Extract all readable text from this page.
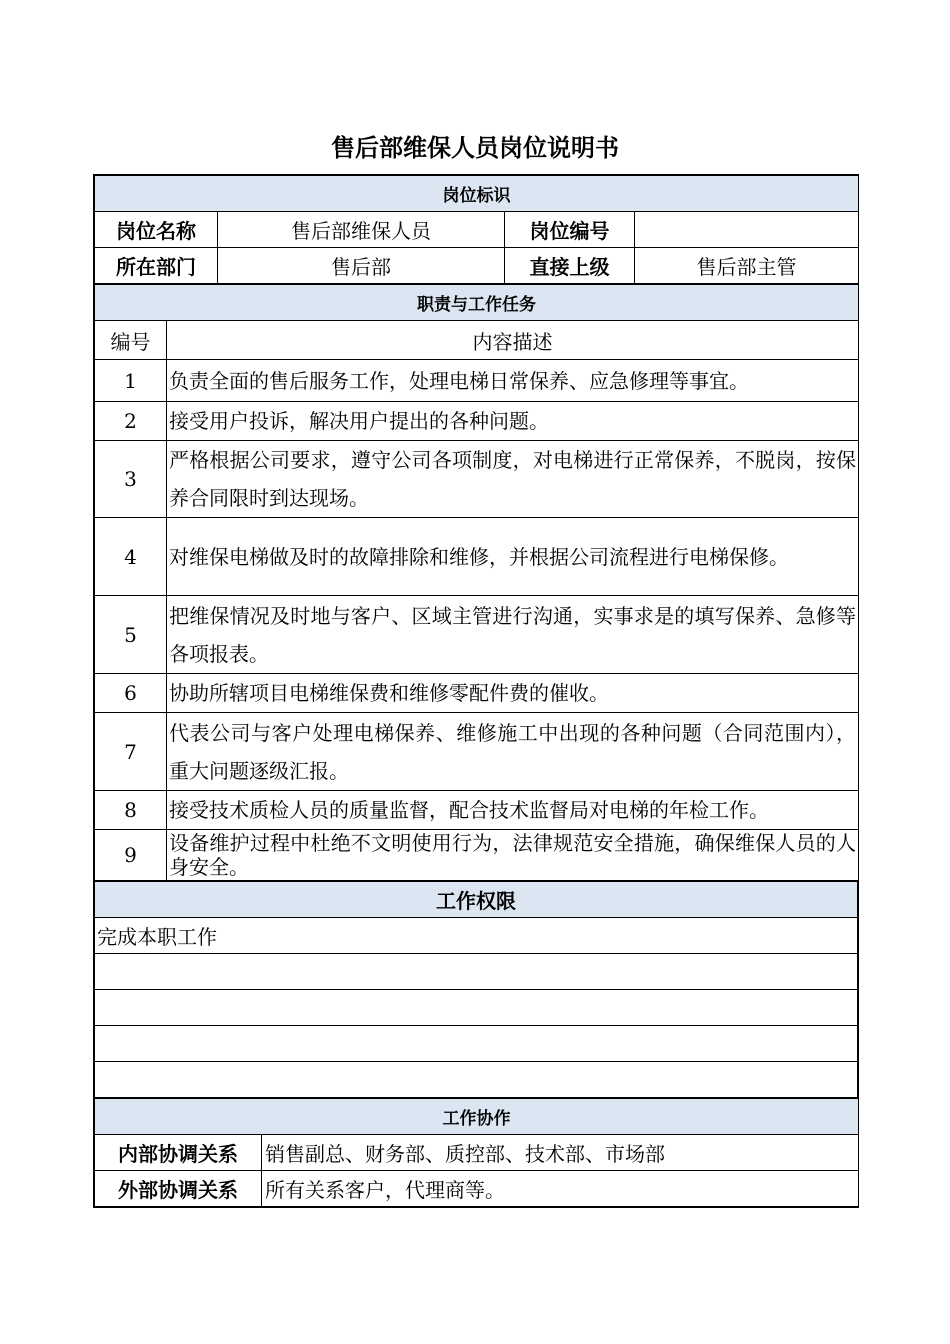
售后部维保人员岗位说明书
岗位标识			
岗位名称	售后部维保人员	岗位编号	
所在部门	售后部	直接上级	售后部主管
职责与工作任务	
编号	内容描述
1	负责全面的售后服务工作，处理电梯日常保养、应急修理等事宜。
2	接受用户投诉，解决用户提出的各种问题。
3	严格根据公司要求，遵守公司各项制度，对电梯进行正常保养，不脱岗，按保养合同限时到达现场。
4	对维保电梯做及时的故障排除和维修，并根据公司流程进行电梯保修。
5	把维保情况及时地与客户、区域主管进行沟通，实事求是的填写保养、急修等各项报表。
6	协助所辖项目电梯维保费和维修零配件费的催收。
7	代表公司与客户处理电梯保养、维修施工中出现的各种问题（合同范围内），重大问题逐级汇报。
8	接受技术质检人员的质量监督，配合技术监督局对电梯的年检工作。
9	设备维护过程中杜绝不文明使用行为，法律规范安全措施，确保维保人员的人身安全。
工作权限
完成本职工作

工作协作	
内部协调关系	销售副总、财务部、质控部、技术部、市场部
外部协调关系	所有关系客户，代理商等。
